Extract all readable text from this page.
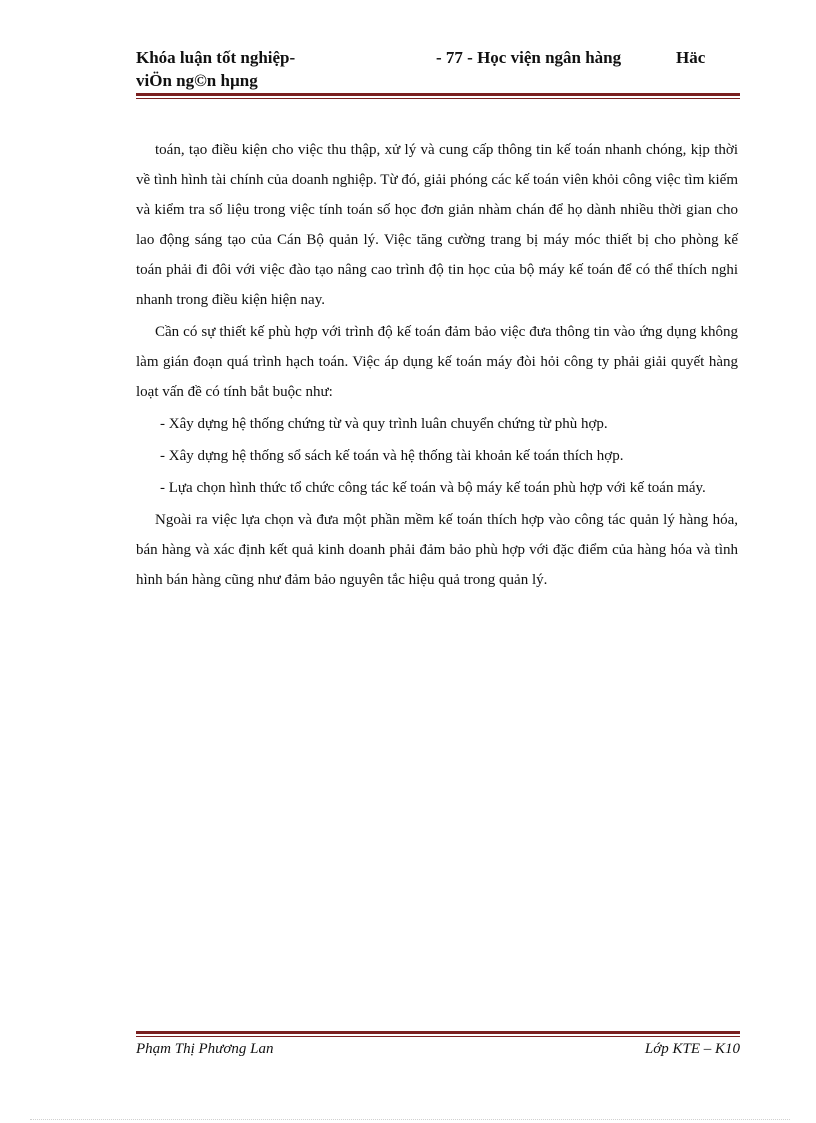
Khóa luận tốt nghiệp-	- 77 - Học viện ngân hàng	Häc
viÖn ng©n hµng

toán, tạo điều kiện cho việc thu thập, xử lý và cung cấp thông tin kế toán nhanh chóng, kịp thời về tình hình tài chính của doanh nghiệp. Từ đó, giải phóng các kế toán viên khỏi công việc tìm kiếm và kiểm tra số liệu trong việc tính toán số học đơn giản nhàm chán để họ dành nhiều thời gian cho lao động sáng tạo của Cán Bộ quản lý. Việc tăng cường trang bị máy móc thiết bị cho phòng kế toán phải đi đôi với việc đào tạo nâng cao trình độ tin học của bộ máy kế toán để có thể thích nghi nhanh trong điều kiện hiện nay.

Cần có sự thiết kế phù hợp với trình độ kế toán đảm bảo việc đưa thông tin vào ứng dụng không làm gián đoạn quá trình hạch toán. Việc áp dụng kế toán máy đòi hỏi công ty phải giải quyết hàng loạt vấn đề có tính bắt buộc như:

- Xây dựng hệ thống chứng từ và quy trình luân chuyển chứng từ phù hợp.

- Xây dựng hệ thống sổ sách kế toán và hệ thống tài khoản kế toán thích hợp.

- Lựa chọn hình thức tổ chức công tác kế toán và bộ máy kế toán phù hợp với kế toán máy.

Ngoài ra việc lựa chọn và đưa một phần mềm kế toán thích hợp vào công tác quản lý hàng hóa, bán hàng và xác định kết quả kinh doanh phải đảm bảo phù hợp với đặc điểm của hàng hóa và tình hình bán hàng cũng như đảm bảo nguyên tắc hiệu quả trong quản lý.

Phạm Thị Phương Lan	Lớp KTE – K10
